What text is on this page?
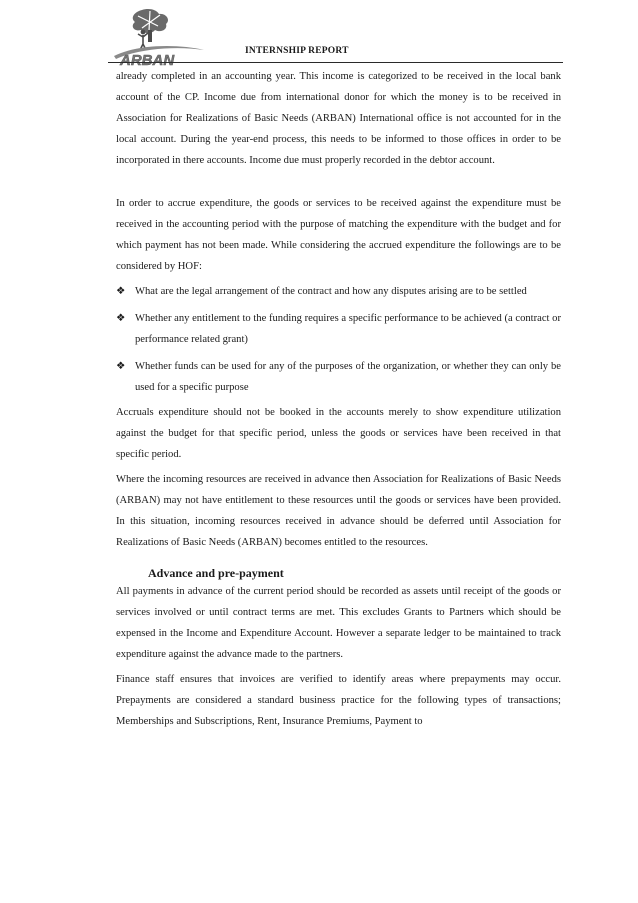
ARBAN
INTERNSHIP REPORT

already completed in an accounting year. This income is categorized to be received in the local bank account of the CP. Income due from international donor for which the money is to be received in Association for Realizations of Basic Needs (ARBAN) International office is not accounted for in the local account. During the year-end process, this needs to be informed to those offices in order to be incorporated in there accounts. Income due must properly recorded in the debtor account.

In order to accrue expenditure, the goods or services to be received against the expenditure must be received in the accounting period with the purpose of matching the expenditure with the budget and for which payment has not been made. While considering the accrued expenditure the followings are to be considered by HOF:

❖ What are the legal arrangement of the contract and how any disputes arising are to be settled
❖ Whether any entitlement to the funding requires a specific performance to be achieved (a contract or performance related grant)
❖ Whether funds can be used for any of the purposes of the organization, or whether they can only be used for a specific purpose

Accruals expenditure should not be booked in the accounts merely to show expenditure utilization against the budget for that specific period, unless the goods or services have been received in that specific period.

Where the incoming resources are received in advance then Association for Realizations of Basic Needs (ARBAN) may not have entitlement to these resources until the goods or services have been provided. In this situation, incoming resources received in advance should be deferred until Association for Realizations of Basic Needs (ARBAN) becomes entitled to the resources.

Advance and pre-payment

All payments in advance of the current period should be recorded as assets until receipt of the goods or services involved or until contract terms are met. This excludes Grants to Partners which should be expensed in the Income and Expenditure Account. However a separate ledger to be maintained to track expenditure against the advance made to the partners.

Finance staff ensures that invoices are verified to identify areas where prepayments may occur. Prepayments are considered a standard business practice for the following types of transactions; Memberships and Subscriptions, Rent, Insurance Premiums, Payment to
